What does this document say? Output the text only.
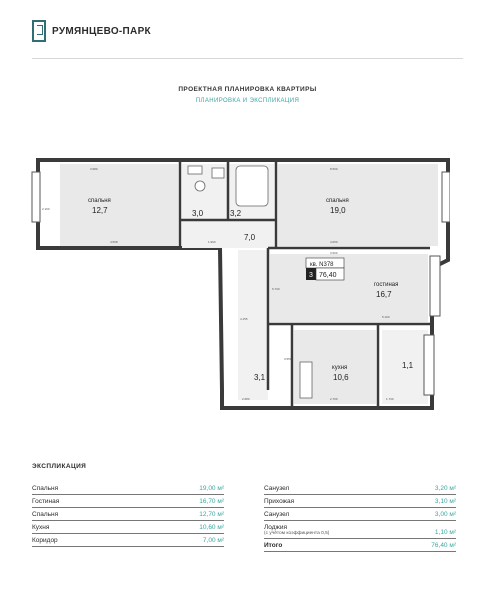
РУМЯНЦЕВО-ПАРК
ПРОЕКТНАЯ ПЛАНИРОВКА КВАРТИРЫ
ПЛАНИРОВКА И ЭКСПЛИКАЦИЯ
кв. N378
3 76,40
спальня
12,7
спальня
19,0
гостиная
16,7
кухня
10,6
3,0	3,2
7,0
3,1
1,1
3.980	8.500
4.508	4.050
3.500
1.960
6.730
4.155	5.100
1.730
2.700
3.550
2.680
2.160
ЭКСПЛИКАЦИЯ
Спальня	19,00 м²
Гостиная	16,70 м²
Спальня	12,70 м²
Кухня	10,60 м²
Коридор	7,00 м²
Санузел	3,20 м²
Прихожая	3,10 м²
Санузел	3,00 м²
Лоджия
(с учётом коэффициента 0,5)	1,10 м²
Итого	76,40 м²
